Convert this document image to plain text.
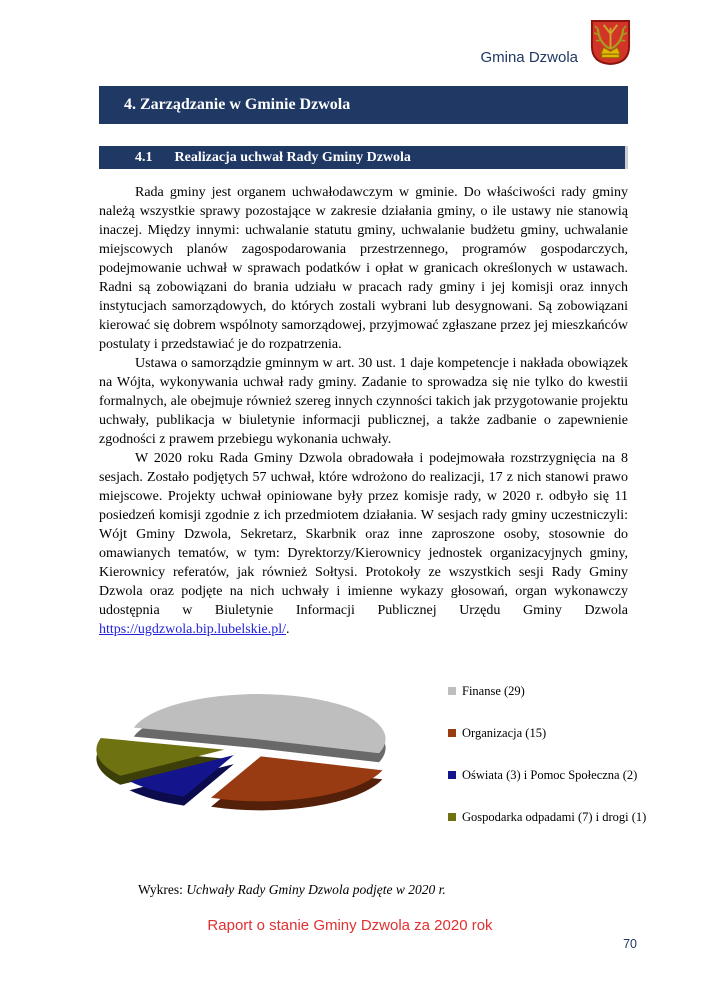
Gmina Dzwola
4. Zarządzanie w Gminie Dzwola
4.1 Realizacja uchwał Rady Gminy Dzwola

Rada gminy jest organem uchwałodawczym w gminie. Do właściwości rady gminy należą wszystkie sprawy pozostające w zakresie działania gminy, o ile ustawy nie stanowią inaczej. Między innymi: uchwalanie statutu gminy, uchwalanie budżetu gminy, uchwalanie miejscowych planów zagospodarowania przestrzennego, programów gospodarczych, podejmowanie uchwał w sprawach podatków i opłat w granicach określonych w ustawach. Radni są zobowiązani do brania udziału w pracach rady gminy i jej komisji oraz innych instytucjach samorządowych, do których zostali wybrani lub desygnowani. Są zobowiązani kierować się dobrem wspólnoty samorządowej, przyjmować zgłaszane przez jej mieszkańców postulaty i przedstawiać je do rozpatrzenia.

Ustawa o samorządzie gminnym w art. 30 ust. 1 daje kompetencje i nakłada obowiązek na Wójta, wykonywania uchwał rady gminy. Zadanie to sprowadza się nie tylko do kwestii formalnych, ale obejmuje również szereg innych czynności takich jak przygotowanie projektu uchwały, publikacja w biuletynie informacji publicznej, a także zadbanie o zapewnienie zgodności z prawem przebiegu wykonania uchwały.

W 2020 roku Rada Gminy Dzwola obradowała i podejmowała rozstrzygnięcia na 8 sesjach. Zostało podjętych 57 uchwał, które wdrożono do realizacji, 17 z nich stanowi prawo miejscowe. Projekty uchwał opiniowane były przez komisje rady, w 2020 r. odbyło się 11 posiedzeń komisji zgodnie z ich przedmiotem działania. W sesjach rady gminy uczestniczyli: Wójt Gminy Dzwola, Sekretarz, Skarbnik oraz inne zaproszone osoby, stosownie do omawianych tematów, w tym: Dyrektorzy/Kierownicy jednostek organizacyjnych gminy, Kierownicy referatów, jak również Sołtysi. Protokoły ze wszystkich sesji Rady Gminy Dzwola oraz podjęte na nich uchwały i imienne wykazy głosowań, organ wykonawczy udostępnia w Biuletynie Informacji Publicznej Urzędu Gminy Dzwola https://ugdzwola.bip.lubelskie.pl/.

Finanse (29)
Organizacja (15)
Oświata (3) i Pomoc Społeczna (2)
Gospodarka odpadami (7) i drogi (1)

Wykres: Uchwały Rady Gminy Dzwola podjęte w 2020 r.

Raport o stanie Gminy Dzwola za 2020 rok
70
